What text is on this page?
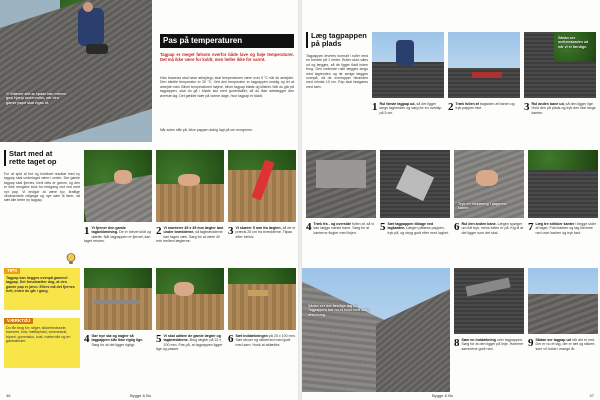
Vi frilæser alle ar spade kan mieren gasl hjælp undervolks, når den gamle papir skal rigas of.
Pas på temperaturen
Tagpap er meget følsom overfor både lave og høje temperaturer. Det må ikke være for koldt, men heller ikke for varmt.
Hvis basenes skal have arbejdsgr, skal temperaturen være over 5 °C når du arbejder. Den ideelle temperatur er 20 °C. Ved den temperatur er tagpappen smidig og let at arbejde med. Bliver temperaturen højere, bliver tagpap bløde og klistret. Når du går på tagpappen, skal du gå i bløde sko med gummisåler, så du ikke ødelægger den øverste lag. Det gælder især på varme dage, hvor tagpap er blødt.
Når solen står på, blive pappen aldrig lagt på om morgenen.
Start med at rette taget op
For at spid af fint og holdbart resultat med ny tagpap skal underlaget være i orden. Der gamle tagpap skal fjernes, fordi dets er gamm, og den er ikke mmgsfor stoe for nedgang ved ved med nyt pap. Vi endgar at være tyv, tiraflige vinduskrdele miljørgø og nye søm til fører, så sæt alle beter ny tagpap.
TIPS
Tagpap kan lægges ovenpå gammel tagpap. Det forudsætter dog, at den gamle pap er jævn. Ellers må det fjernes helt, inden du går i gang.
VÆRKTØJ
Du får brug for: stiger, sikkerhedssele, hammer, kniv, hæftepistol, tommestok, blyant, gummisko, kost, malerrulle og en gasbrænder.
1 Vi fjerner den gamle tagbeklædning. De er blevet slidt og utætte. Når tagpappen er fjernet, kan taget renses.
2 Vi monterer 45 x 45 mm lægter løst under brædderne, så tagbrædderne kan tages væk. Sørg for at være 40 mm mellem lægterne.
3 Vi skærer 5 mm fra lægten, så de er præcis 25 cm fra brædderne. Tilpas efter behov.
4 Gør nye stø og nagler så tagpappen slår ikke rigtig lige. Sørg for at det ligger rigtigt.	5 Vi skal udføre de gamle lægter og tagbrædderne. Brug lægter på 22 x 100 mm. Pas på, at tagpappen ligger lige og passer.
6 Sæt inddækningen på 25 x 100 mm. Sæt skruer og sikkerhed med godt med søm. Husk at afdække.
46	Bygge & Bo
Læg tagpappen på plads
Tagpappen leveres normalt i ruller med en bredde på 1 meter. Ruller skal rulles ud og lægges, så de ligger fladt inden brug. Den nederste rulle lægges langs med tagrenden og de øvrige lægges ovenpå, så de overlapper hinanden med mindst 10 cm. Pap skal fastgøres med søm.
Sådan ser mellemskaden ud når vi er færdige.
1 Rul første tagpap ud, så det ligger langs tagrenden og sørg for en overlap på 5 cm.	2 Træk folien af bagsiden af banen og tryk pappen fast.	3 Rul anden bane ud, så den ligger lige. Hold den på plads og tryk den fast langs kanten.
Tryk en tilskæring i pappens kanter.
4 Træk fra - og overside folien af, så vi kan lægge næste bane. Sørg for at kanterne flugter med linjen.	5 Sæt tagpappen tilbage ved lagkanten. Lægen påføres pappen, tryk på, og stryg godt efter med lagket. 6 Rul den anden bane. Lægen spørger om lidt tryk, mens folien er på. Kig til at det ligger som det skal.	7 Læg tre strikker kanter i begge sider af taget. Fold kanten og tag klemme ned over kanten og tryk fast.
Sådan ser det færdige tag ud. Tagpappen har nu et hold med solid afslutning.
8 Søm en inddækning over tagpappen. Sørg for at den ligger på linje. Hammer sømmene godt ned.	9 Sådan ser tagpap ud når det er ned. Der er nu et tag, der er tæt og sikkert, som vil holde i mange år.
Bygge & Bo	47
